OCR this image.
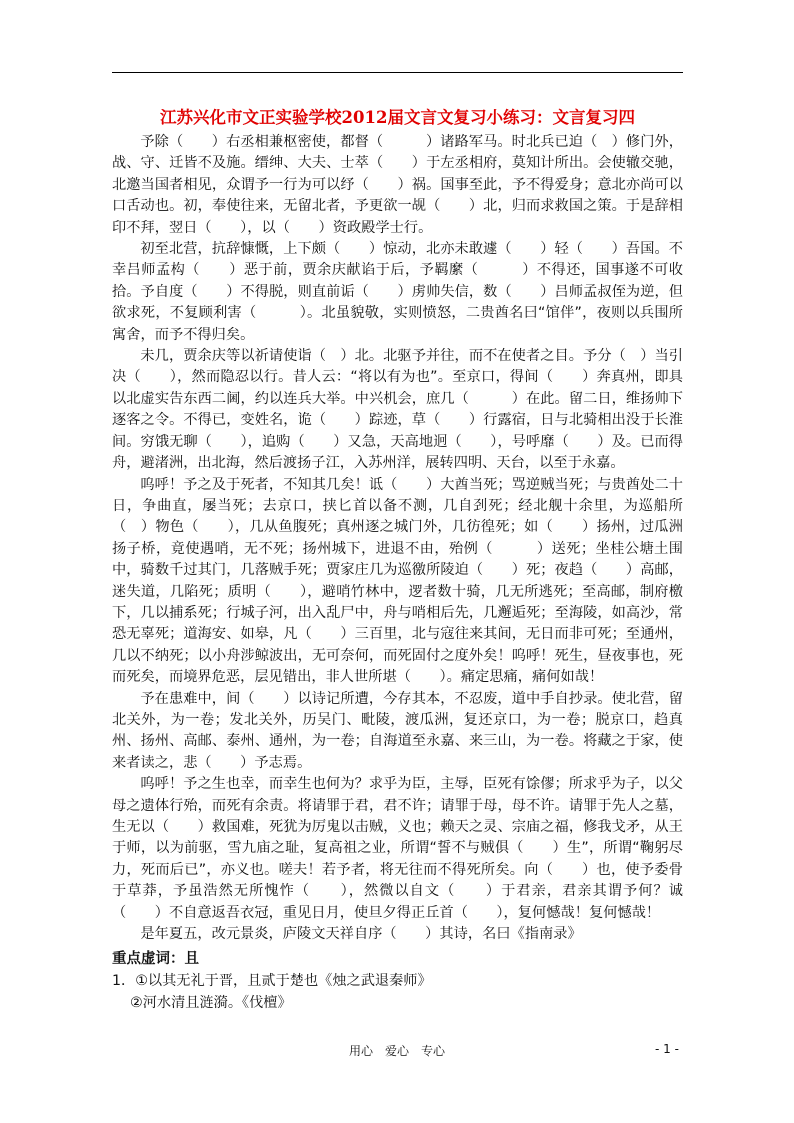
江苏兴化市文正实验学校2012届文言文复习小练习：文言复习四

予除（　　）右丞相兼枢密使，都督（　　　）诸路军马。时北兵已迫（　）修门外，战、守、迁皆不及施。缙绅、大夫、士萃（　　）于左丞相府，莫知计所出。会使辙交驰，北邀当国者相见，众谓予一行为可以纾（　　）祸。国事至此，予不得爱身；意北亦尚可以口舌动也。初，奉使往来，无留北者，予更欲一觇（　　）北，归而求救国之策。于是辞相印不拜，翌日（　　），以（　　）资政殿学士行。

初至北营，抗辞慷慨，上下颇（　　）惊动，北亦未敢遽（　　）轻（　　）吾国。不幸吕师孟构（　　）恶于前，贾余庆献谄于后，予羁縻（　　　）不得还，国事遂不可收拾。予自度（　　）不得脱，则直前诟（　　）虏帅失信，数（　　）吕师孟叔侄为逆，但欲求死，不复顾利害（　　　）。北虽貌敬，实则愤怒，二贵酋名曰“馆伴”，夜则以兵围所寓舍，而予不得归矣。

未几，贾余庆等以祈请使诣（　）北。北驱予并往，而不在使者之目。予分（　）当引决（　　），然而隐忍以行。昔人云：“将以有为也”。至京口，得间（　　）奔真州，即具以北虚实告东西二阃，约以连兵大举。中兴机会，庶几（　　　）在此。留二日，维扬帅下逐客之令。不得已，变姓名，诡（　　）踪迹，草（　　）行露宿，日与北骑相出没于长淮间。穷饿无聊（　　），追购（　　）又急，天高地迥（　　），号呼靡（　　）及。已而得舟，避渚洲，出北海，然后渡扬子江，入苏州洋，展转四明、天台，以至于永嘉。

呜呼！予之及于死者，不知其几矣！诋（　　）大酋当死；骂逆贼当死；与贵酋处二十日，争曲直，屡当死；去京口，挟匕首以备不测，几自刭死；经北舰十余里，为巡船所（　）物色（　　），几从鱼腹死；真州逐之城门外，几彷徨死；如（　　）扬州，过瓜洲扬子桥，竟使遇哨，无不死；扬州城下，进退不由，殆例（　　　）送死；坐桂公塘土围中，骑数千过其门，几落贼手死；贾家庄几为巡徼所陵迫（　　）死；夜趋（　　）高邮，迷失道，几陷死；质明（　　），避哨竹林中，逻者数十骑，几无所逃死；至高邮，制府檄下，几以捕系死；行城子河，出入乱尸中，舟与哨相后先，几邂逅死；至海陵，如高沙，常恐无辜死；道海安、如皋，凡（　　）三百里，北与寇往来其间，无日而非可死；至通州，几以不纳死；以小舟涉鲸波出，无可奈何，而死固付之度外矣！呜呼！死生，昼夜事也，死而死矣，而境界危恶，层见错出，非人世所堪（　　）。痛定思痛，痛何如哉！

予在患难中，间（　　）以诗记所遭，今存其本，不忍废，道中手自抄录。使北营，留北关外，为一卷；发北关外，历吴门、毗陵，渡瓜洲，复还京口，为一卷；脱京口，趋真州、扬州、高邮、泰州、通州，为一卷；自海道至永嘉、来三山，为一卷。将藏之于家，使来者读之，悲（　　）予志焉。

呜呼！予之生也幸，而幸生也何为？求乎为臣，主辱，臣死有馀僇；所求乎为子，以父母之遗体行殆，而死有余责。将请罪于君，君不许；请罪于母，母不许。请罪于先人之墓，生无以（　　）救国难，死犹为厉鬼以击贼，义也；赖天之灵、宗庙之福，修我戈矛，从王于师，以为前驱，雪九庙之耻，复高祖之业，所谓“誓不与贼俱（　　）生”，所谓“鞠躬尽力，死而后已”，亦义也。嗟夫！若予者，将无往而不得死所矣。向（　　）也，使予委骨于草莽，予虽浩然无所愧怍（　　），然微以自文（　　）于君亲，君亲其谓予何？诚（　　）不自意返吾衣冠，重见日月，使旦夕得正丘首（　　），复何憾哉！复何憾哉！

是年夏五，改元景炎，庐陵文天祥自序（　　）其诗，名曰《指南录》

重点虚词：且
1．①以其无礼于晋，且贰于楚也《烛之武退秦师》
②河水清且涟漪。《伐檀》
用心　爱心　专心	- 1 -
